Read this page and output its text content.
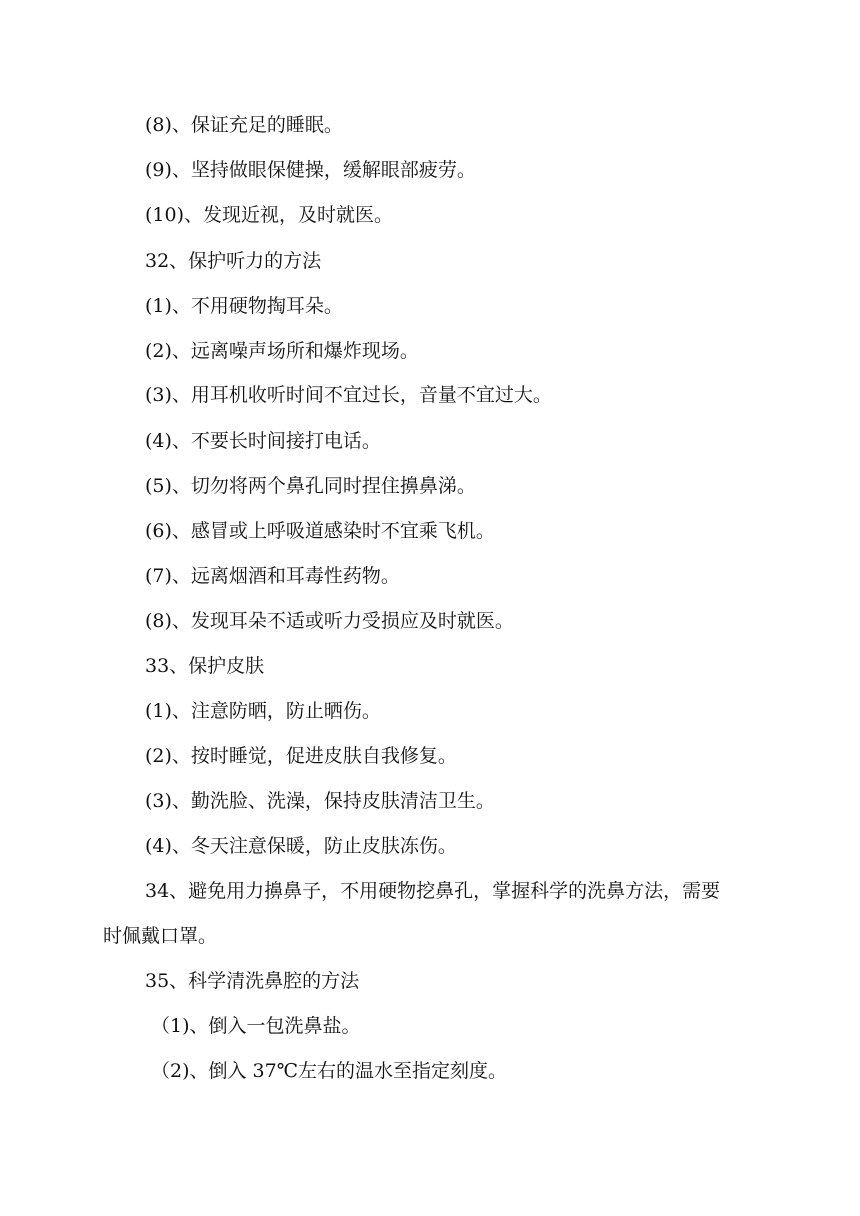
(8)、保证充足的睡眠。
(9)、坚持做眼保健操，缓解眼部疲劳。
(10)、发现近视，及时就医。
32、保护听力的方法
(1)、不用硬物掏耳朵。
(2)、远离噪声场所和爆炸现场。
(3)、用耳机收听时间不宜过长，音量不宜过大。
(4)、不要长时间接打电话。
(5)、切勿将两个鼻孔同时捏住擤鼻涕。
(6)、感冒或上呼吸道感染时不宜乘飞机。
(7)、远离烟酒和耳毒性药物。
(8)、发现耳朵不适或听力受损应及时就医。
33、保护皮肤
(1)、注意防晒，防止晒伤。
(2)、按时睡觉，促进皮肤自我修复。
(3)、勤洗脸、洗澡，保持皮肤清洁卫生。
(4)、冬天注意保暖，防止皮肤冻伤。
34、避免用力擤鼻子，不用硬物挖鼻孔，掌握科学的洗鼻方法，需要
时佩戴口罩。
35、科学清洗鼻腔的方法
（1)、倒入一包洗鼻盐。
（2)、倒入 37℃左右的温水至指定刻度。
